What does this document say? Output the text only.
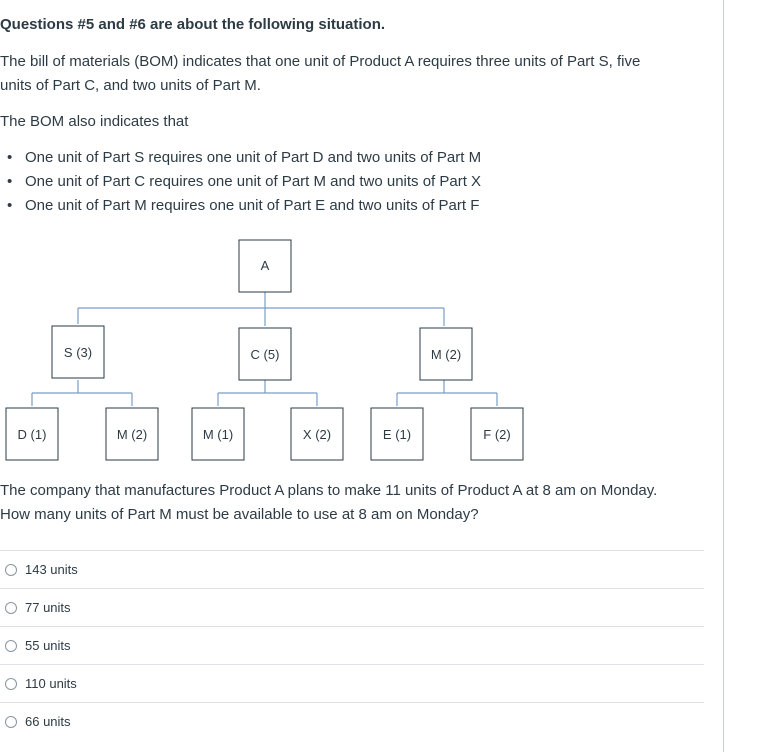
Questions #5 and #6 are about the following situation.
The bill of materials (BOM) indicates that one unit of Product A requires three units of Part S, five
units of Part C, and two units of Part M.
The BOM also indicates that
• One unit of Part S requires one unit of Part D and two units of Part M
• One unit of Part C requires one unit of Part M and two units of Part X
• One unit of Part M requires one unit of Part E and two units of Part F
A
S (3)	C (5)	M (2)
D (1)	M (2)	M (1)	X (2)	E (1)	F (2)
The company that manufactures Product A plans to make 11 units of Product A at 8 am on Monday.
How many units of Part M must be available to use at 8 am on Monday?
143 units
77 units
55 units
110 units
66 units
